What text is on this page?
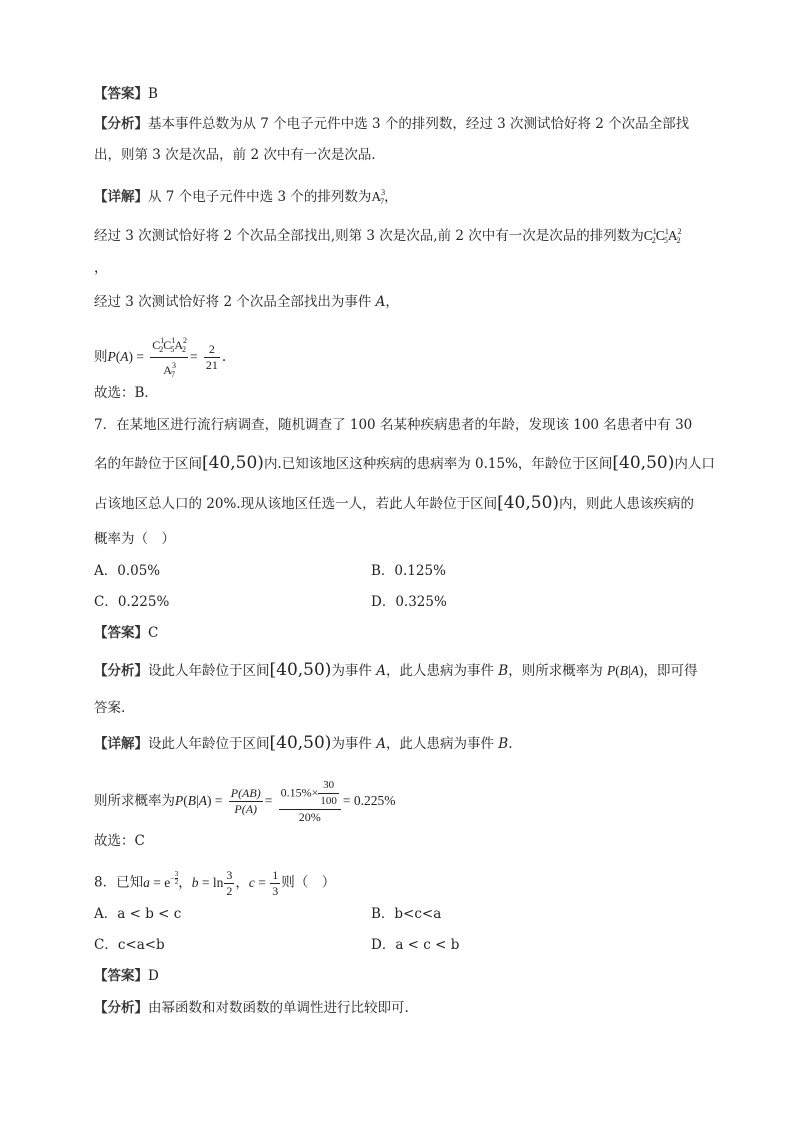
【答案】B
【分析】基本事件总数为从 7 个电子元件中选 3 个的排列数，经过 3 次测试恰好将 2 个次品全部找
出，则第 3 次是次品，前 2 次中有一次是次品．
【详解】从 7 个电子元件中选 3 个的排列数为$A^3_7$，
经过 3 次测试恰好将 2 个次品全部找出,则第 3 次是次品,前 2 次中有一次是次品的排列数为$C^1_2C^1_5A^2_2$
，
经过 3 次测试恰好将 2 个次品全部找出为事件 A，
则$P(A) = \frac{C^1_2C^1_5A^2_2}{A^3_7} = \frac{2}{21}$ .
故选：B．
7．在某地区进行流行病调查，随机调查了 100 名某种疾病患者的年龄，发现该 100 名患者中有 30
名的年龄位于区间[40,50)内.已知该地区这种疾病的患病率为 0.15%，年龄位于区间[40,50)内人口
占该地区总人口的 20%.现从该地区任选一人，若此人年龄位于区间[40,50)内，则此人患该疾病的
概率为（　）
A．0.05%	B．0.125%
C．0.225%	D．0.325%
【答案】C
【分析】设此人年龄位于区间[40,50)为事件 A，此人患病为事件 B，则所求概率为 P(B|A)，即可得
答案.
【详解】设此人年龄位于区间[40,50)为事件 A，此人患病为事件 B.
则所求概率为$P(B|A) = \frac{P(AB)}{P(A)} = \frac{0.15\%\times \frac{30}{100}}{20\%} = 0.225\%$
故选：C
8．已知$a = e^{- \frac{3}{2}}$ ，$b = \ln \frac{3}{2}$ ，$c = \frac{1}{3}$ 则（　）
A．a < b < c	B．b<c<a
C．c<a<b	D．a < c < b
【答案】D
【分析】由幂函数和对数函数的单调性进行比较即可.
